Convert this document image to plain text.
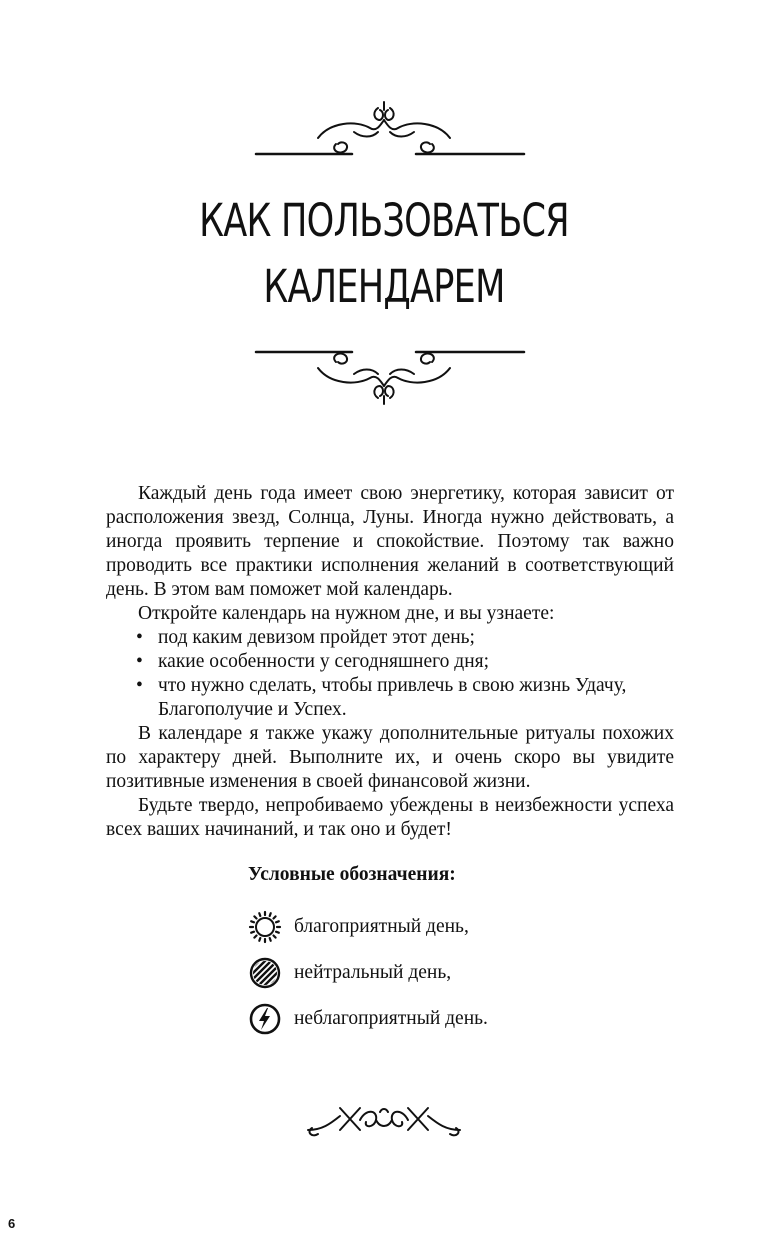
КАК ПОЛЬЗОВАТЬСЯ
КАЛЕНДАРЕМ

Каждый день года имеет свою энергетику, которая зависит от расположения звезд, Солнца, Луны. Иногда нужно действовать, а иногда проявить терпение и спокойствие. Поэтому так важно проводить все практики исполнения желаний в соответствующий день. В этом вам поможет мой календарь.

Откройте календарь на нужном дне, и вы узнаете:

• под каким девизом пройдет этот день;
• какие особенности у сегодняшнего дня;
• что нужно сделать, чтобы привлечь в свою жизнь Удачу, Благополучие и Успех.

В календаре я также укажу дополнительные ритуалы похожих по характеру дней. Выполните их, и очень скоро вы увидите позитивные изменения в своей финансовой жизни.

Будьте твердо, непробиваемо убеждены в неизбежности успеха всех ваших начинаний, и так оно и будет!

Условные обозначения:
благоприятный день,
нейтральный день,
неблагоприятный день.
6
